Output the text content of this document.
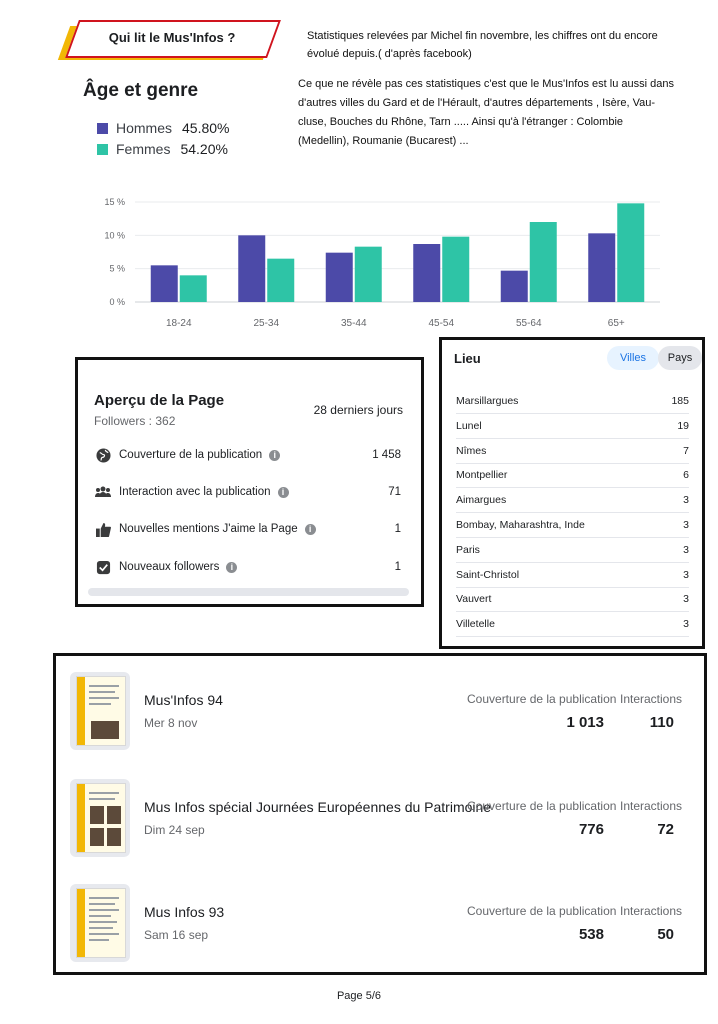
Qui lit le Mus'Infos ?	Statistiques relevées par Michel fin novembre, les chiffres ont du encore
évolué depuis.( d'après facebook)
Ce que ne révèle pas ces statistiques c'est que le Mus'Infos est lu aussi dans
d'autres villes du Gard et de l'Hérault, d'autres départements , Isère, Vau-
cluse, Bouches du Rhône, Tarn ..... Ainsi qu'à l'étranger : Colombie
(Medellin), Roumanie (Bucarest) ...
Âge et genre
Hommes 45.80%
Femmes 54.20%
15 %
10 %
5 %
0 %
18-24	25-34	35-44	45-54	55-64	65+
Aperçu de la Page
Followers : 362
28 derniers jours
Couverture de la publication	i	1 458
Interaction avec la publication	i	71
Nouvelles mentions J'aime la Page	i	1
Nouveaux followers	i	1
Lieu	Villes	Pays
Marsillargues	185
Lunel	19
Nîmes	7
Montpellier	6
Aimargues	3
Bombay, Maharashtra, Inde	3
Paris	3
Saint-Christol	3
Vauvert	3
Villetelle	3
Mus'Infos 94
Mer 8 nov
Couverture de la publication Interactions
1 013	110
Mus Infos spécial Journées Européennes du Patrimoine
Dim 24 sep
Couverture de la publication Interactions
776	72
Mus Infos 93
Sam 16 sep
Couverture de la publication Interactions
538	50
Page 5/6
